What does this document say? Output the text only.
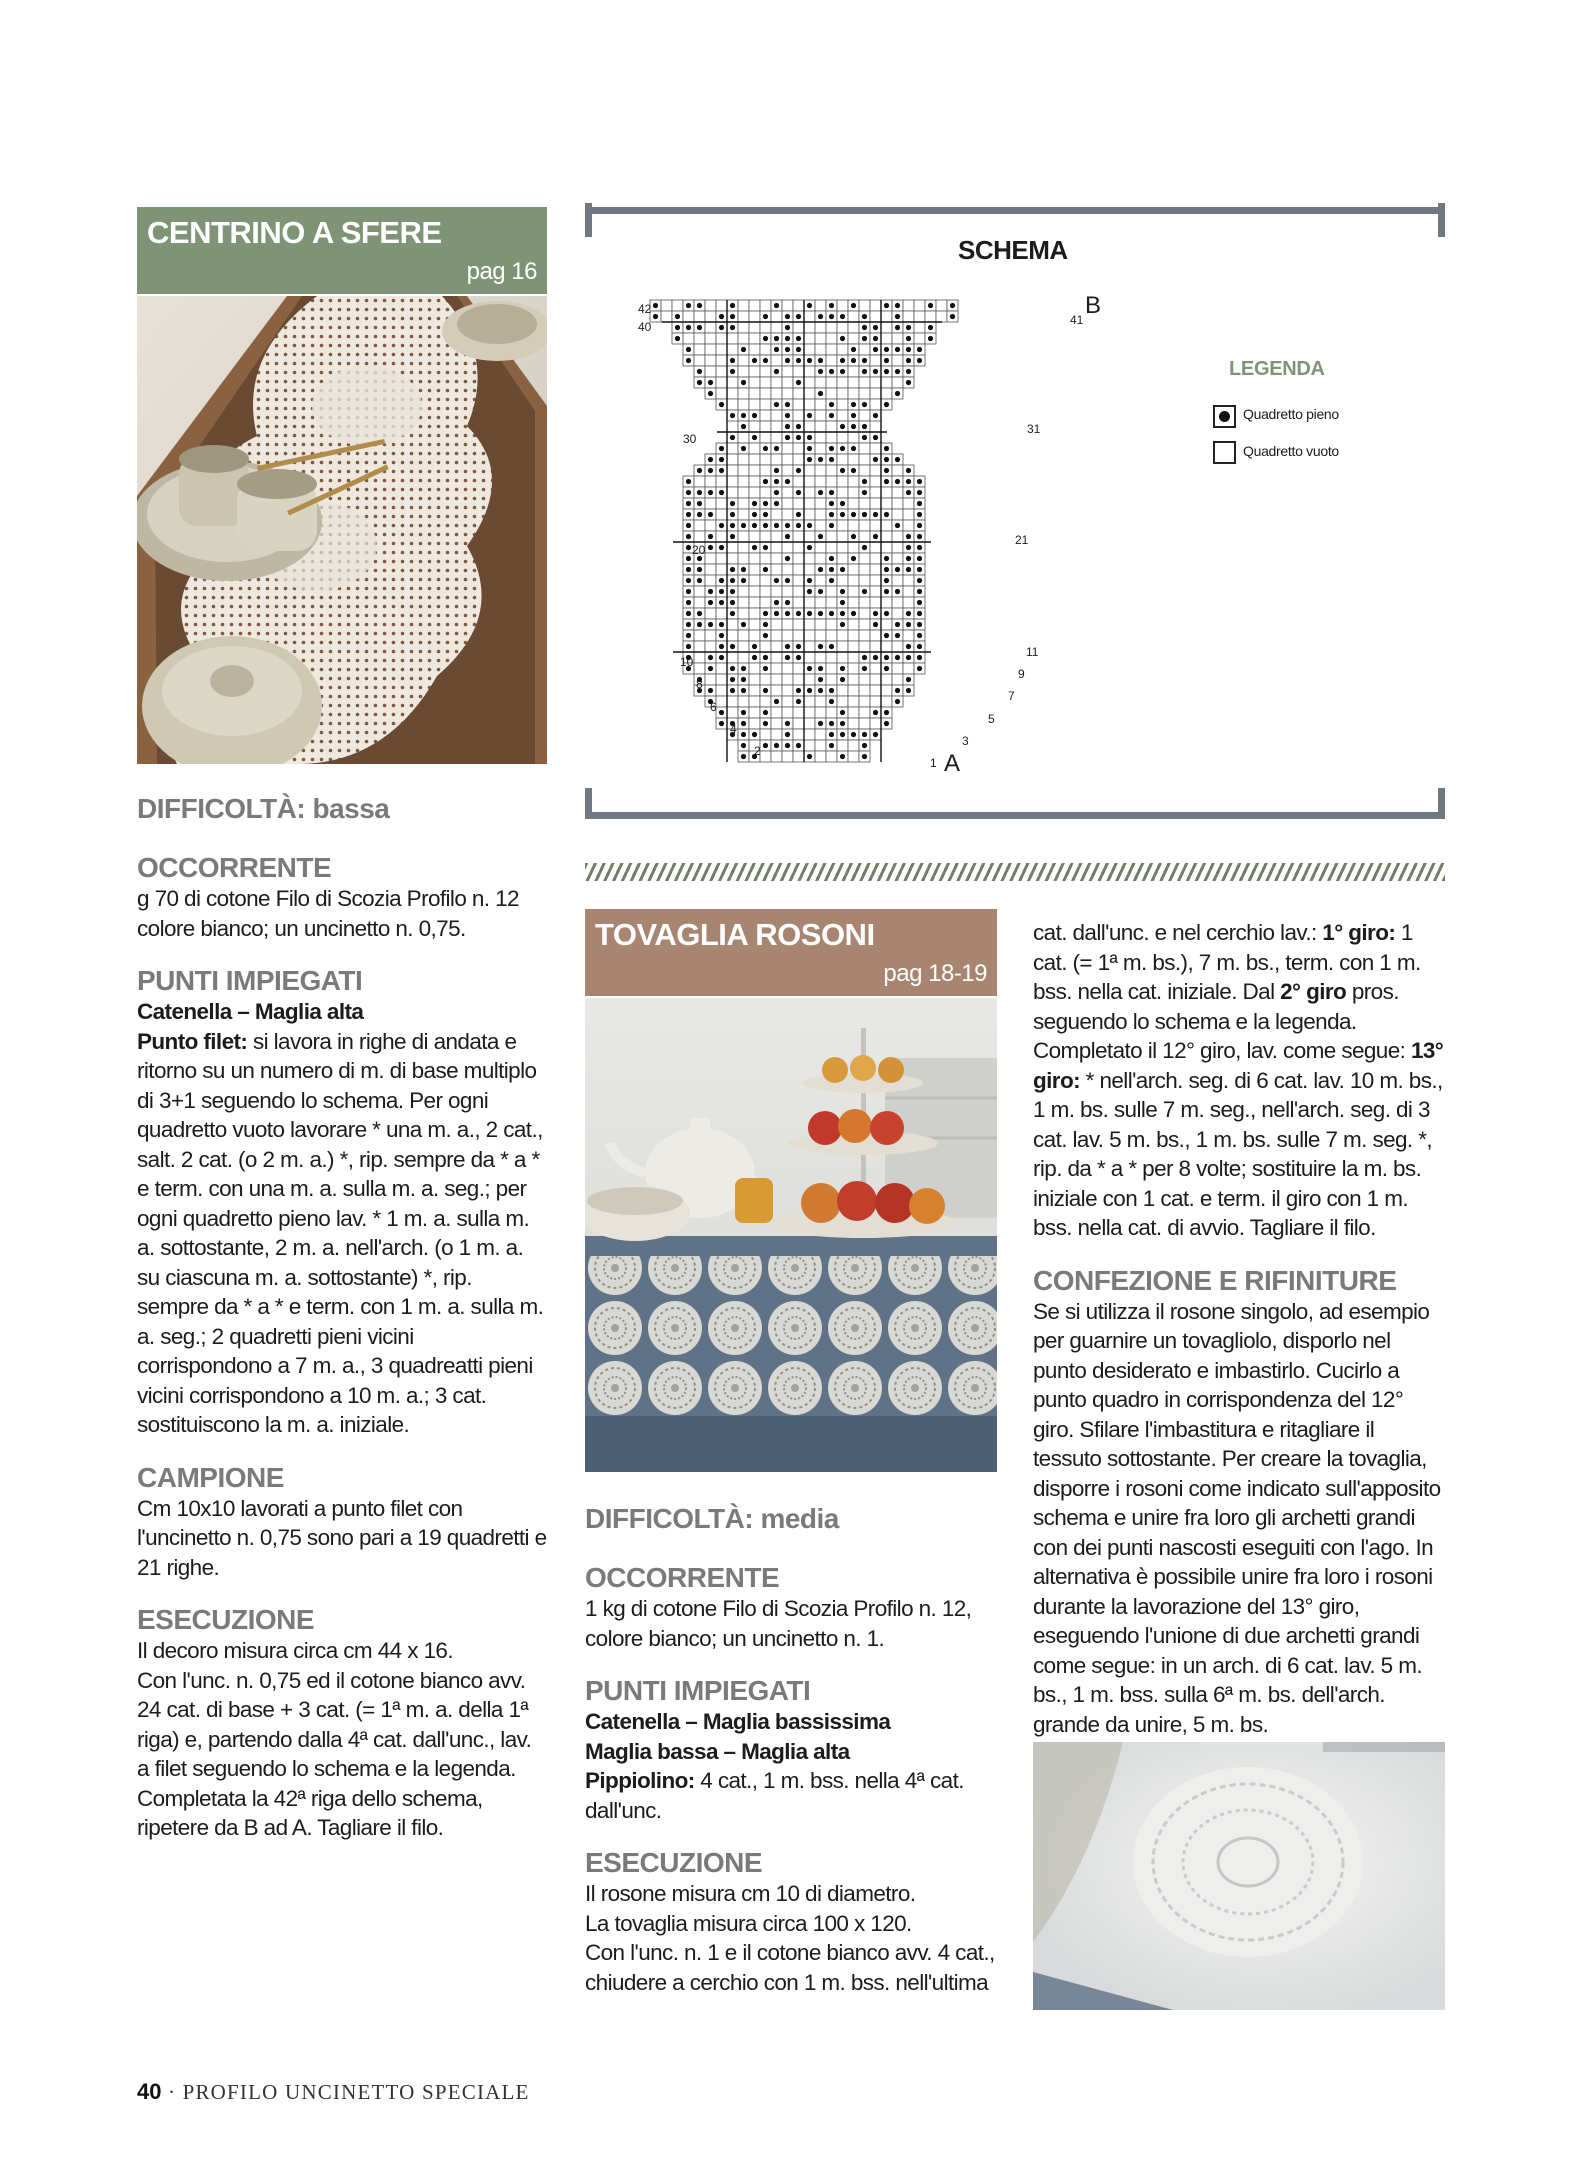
CENTRINO A SFERE
pag 16
DIFFICOLTÀ: bassa
OCCORRENTE
g 70 di cotone Filo di Scozia Profilo n. 12 colore bianco; un uncinetto n. 0,75.
PUNTI IMPIEGATI
Catenella – Maglia alta
Punto filet: si lavora in righe di andata e ritorno su un numero di m. di base multiplo di 3+1 seguendo lo schema. Per ogni quadretto vuoto lavorare * una m. a., 2 cat., salt. 2 cat. (o 2 m. a.) *, rip. sempre da * a * e term. con una m. a. sulla m. a. seg.; per ogni quadretto pieno lav. * 1 m. a. sulla m. a. sottostante, 2 m. a. nell'arch. (o 1 m. a. su ciascuna m. a. sottostante) *, rip. sempre da * a * e term. con 1 m. a. sulla m. a. seg.; 2 quadretti pieni vicini corrispondono a 7 m. a., 3 quadreatti pieni vicini corrispondono a 10 m. a.; 3 cat. sostituiscono la m. a. iniziale.
CAMPIONE
Cm 10x10 lavorati a punto filet con l'uncinetto n. 0,75 sono pari a 19 quadretti e 21 righe.
ESECUZIONE
Il decoro misura circa cm 44 x 16.
Con l'unc. n. 0,75 ed il cotone bianco avv. 24 cat. di base + 3 cat. (= 1ª m. a. della 1ª riga) e, partendo dalla 4ª cat. dall'unc., lav. a filet seguendo lo schema e la legenda. Completata la 42ª riga dello schema, ripetere da B ad A. Tagliare il filo.
SCHEMA
42
40
30
20
10
8
6
4
2
41
31
21
11
9
7
5
3
1
B
A
LEGENDA
Quadretto pieno
Quadretto vuoto
TOVAGLIA ROSONI
pag 18-19
DIFFICOLTÀ: media
OCCORRENTE
1 kg di cotone Filo di Scozia Profilo n. 12, colore bianco; un uncinetto n. 1.
PUNTI IMPIEGATI
Catenella – Maglia bassissima
Maglia bassa – Maglia alta
Pippiolino: 4 cat., 1 m. bss. nella 4ª cat. dall'unc.
ESECUZIONE
Il rosone misura cm 10 di diametro.
La tovaglia misura circa 100 x 120.
Con l'unc. n. 1 e il cotone bianco avv. 4 cat., chiudere a cerchio con 1 m. bss. nell'ultima
cat. dall'unc. e nel cerchio lav.: 1° giro: 1 cat. (= 1ª m. bs.), 7 m. bs., term. con 1 m. bss. nella cat. iniziale. Dal 2° giro pros. seguendo lo schema e la legenda. Completato il 12° giro, lav. come segue: 13° giro: * nell'arch. seg. di 6 cat. lav. 10 m. bs., 1 m. bs. sulle 7 m. seg., nell'arch. seg. di 3 cat. lav. 5 m. bs., 1 m. bs. sulle 7 m. seg. *, rip. da * a * per 8 volte; sostituire la m. bs. iniziale con 1 cat. e term. il giro con 1 m. bss. nella cat. di avvio. Tagliare il filo.
CONFEZIONE E RIFINITURE
Se si utilizza il rosone singolo, ad esempio per guarnire un tovagliolo, disporlo nel punto desiderato e imbastirlo. Cucirlo a punto quadro in corrispondenza del 12° giro. Sfilare l'imbastitura e ritagliare il tessuto sottostante. Per creare la tovaglia, disporre i rosoni come indicato sull'apposito schema e unire fra loro gli archetti grandi con dei punti nascosti eseguiti con l'ago. In alternativa è possibile unire fra loro i rosoni durante la lavorazione del 13° giro, eseguendo l'unione di due archetti grandi come segue: in un arch. di 6 cat. lav. 5 m. bs., 1 m. bss. sulla 6ª m. bs. dell'arch. grande da unire, 5 m. bs.
40 · PROFILO UNCINETTO SPECIALE
